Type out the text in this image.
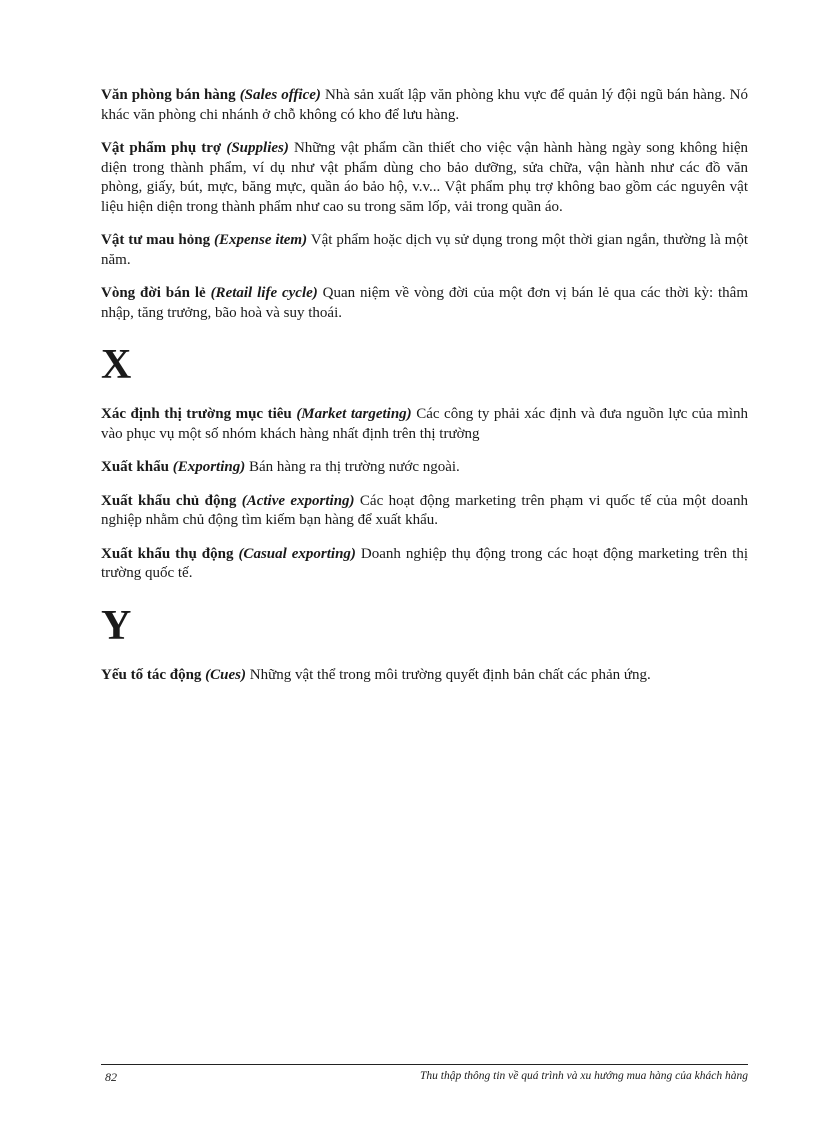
Văn phòng bán hàng (Sales office) Nhà sản xuất lập văn phòng khu vực để quản lý đội ngũ bán hàng. Nó khác văn phòng chi nhánh ở chỗ không có kho để lưu hàng.

Vật phẩm phụ trợ (Supplies) Những vật phẩm cần thiết cho việc vận hành hàng ngày song không hiện diện trong thành phẩm, ví dụ như vật phẩm dùng cho bảo dưỡng, sửa chữa, vận hành như các đồ văn phòng, giấy, bút, mực, băng mực, quần áo bảo hộ, v.v... Vật phẩm phụ trợ không bao gồm các nguyên vật liệu hiện diện trong thành phẩm như cao su trong săm lốp, vải trong quần áo.

Vật tư mau hỏng (Expense item) Vật phẩm hoặc dịch vụ sử dụng trong một thời gian ngắn, thường là một năm.

Vòng đời bán lẻ (Retail life cycle) Quan niệm về vòng đời của một đơn vị bán lẻ qua các thời kỳ: thâm nhập, tăng trưởng, bão hoà và suy thoái.

X

Xác định thị trường mục tiêu (Market targeting) Các công ty phải xác định và đưa nguồn lực của mình vào phục vụ một số nhóm khách hàng nhất định trên thị trường

Xuất khẩu (Exporting) Bán hàng ra thị trường nước ngoài.

Xuất khẩu chủ động (Active exporting) Các hoạt động marketing trên phạm vi quốc tế của một doanh nghiệp nhằm chủ động tìm kiếm bạn hàng để xuất khẩu.

Xuất khẩu thụ động (Casual exporting) Doanh nghiệp thụ động trong các hoạt động marketing trên thị trường quốc tế.

Y

Yếu tố tác động (Cues) Những vật thể trong môi trường quyết định bản chất các phản ứng.

82	Thu thập thông tin về quá trình và xu hướng mua hàng của khách hàng
